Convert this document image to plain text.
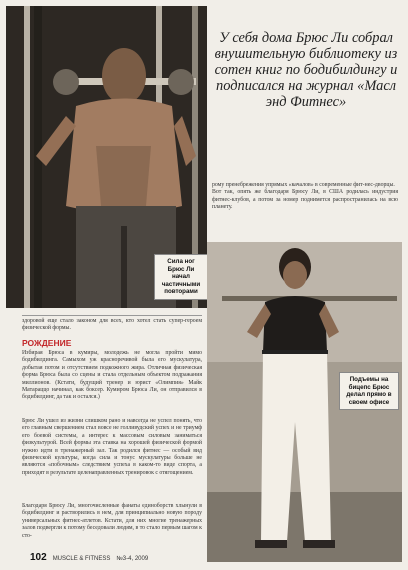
Сила ног Брюс Ли начал частичными повторами
У себя дома Брюс Ли собрал внушительную библиотеку из сотен книг по бодибилдингу и подписался на журнал «Масл энд Фитнес»
рому пренебрежения упрямых «качалов» в современные фит-нес-дворцы.
Вот так, опять же благодаря Брюсу Ли, в США родилась индустрия фитнес-клубов, а потом за номер поднимется распространилась на всю планету.
Подъемы на бицепс Брюс делал прямо в своем офисе
здоровой еще стало законом для всех, кто хотел стать супер-героем физической формы.
РОЖДЕНИЕ
Избирая Брюса в кумиры, молодежь не могла пройти мимо бодибилдинга. Самыхом уж красноречивой была его мускулатура, добытая потом и отсутствием подкожного жира. Отличная физическая форма Брюса была со сцены и стала отдельным объектом подражания миллионов. (Кстати, будущий тренер и юрист «Олимпия» Майк Матараццо начинал, как боксер. Кумиром Брюса Ли, он отправился в бодибилдинг, да так и остался.)
Брюс Ли ушел из жизни слишком рано и навсегда не успел понять, что его главным свершением стал вовсе не голливудский успех и не триумф его боевой системы, а интерес к массовым силовым заниматься физкультурой. Всей формы эта ставка на хорошей физической формой нужно идти в тренажерный зал. Так родился фитнес — особый вид физической культуры, когда сила и тонус мускулатуры больше не являются «побочным» следствием успеха в каком-то виде спорта, а приходят в результате целенаправленных тренировок с отягощением.
Благодаря Брюсу Ли, многочисленные фанаты единоборств хлынули в бодибилдинг и растворились в нем, для принципиально новую породу универсальных фитнес-атлетов. Кстати, для них многие тренажерных залов подвергли к потому беседовали людям, в то стало первым шагом к сто-
102 MUSCLE & FITNESS №3-4, 2009
